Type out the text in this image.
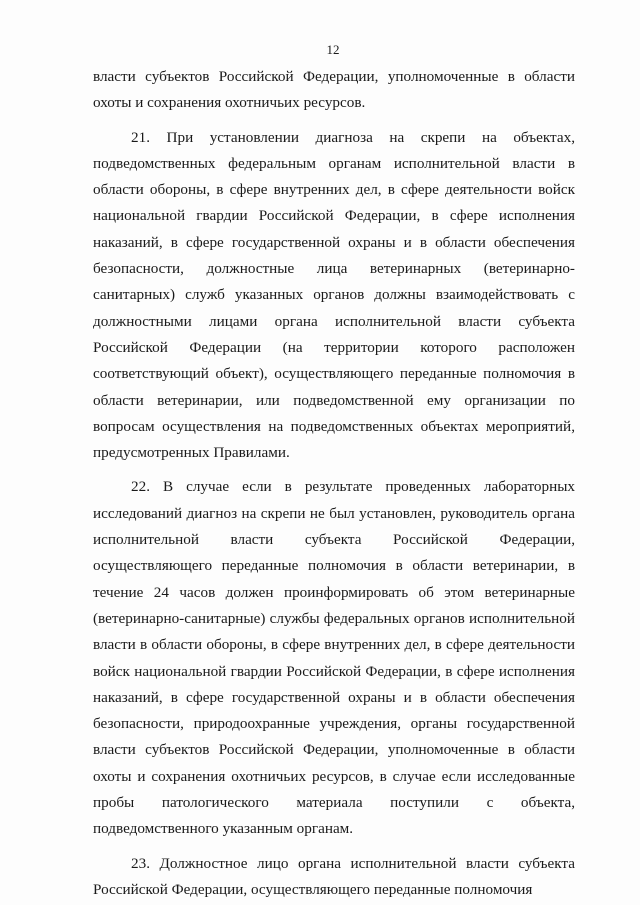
12

власти субъектов Российской Федерации, уполномоченные в области охоты и сохранения охотничьих ресурсов.

21. При установлении диагноза на скрепи на объектах, подведомственных федеральным органам исполнительной власти в области обороны, в сфере внутренних дел, в сфере деятельности войск национальной гвардии Российской Федерации, в сфере исполнения наказаний, в сфере государственной охраны и в области обеспечения безопасности, должностные лица ветеринарных (ветеринарно-санитарных) служб указанных органов должны взаимодействовать с должностными лицами органа исполнительной власти субъекта Российской Федерации (на территории которого расположен соответствующий объект), осуществляющего переданные полномочия в области ветеринарии, или подведомственной ему организации по вопросам осуществления на подведомственных объектах мероприятий, предусмотренных Правилами.

22. В случае если в результате проведенных лабораторных исследований диагноз на скрепи не был установлен, руководитель органа исполнительной власти субъекта Российской Федерации, осуществляющего переданные полномочия в области ветеринарии, в течение 24 часов должен проинформировать об этом ветеринарные (ветеринарно-санитарные) службы федеральных органов исполнительной власти в области обороны, в сфере внутренних дел, в сфере деятельности войск национальной гвардии Российской Федерации, в сфере исполнения наказаний, в сфере государственной охраны и в области обеспечения безопасности, природоохранные учреждения, органы государственной власти субъектов Российской Федерации, уполномоченные в области охоты и сохранения охотничьих ресурсов, в случае если исследованные пробы патологического материала поступили с объекта, подведомственного указанным органам.

23. Должностное лицо органа исполнительной власти субъекта Российской Федерации, осуществляющего переданные полномочия
